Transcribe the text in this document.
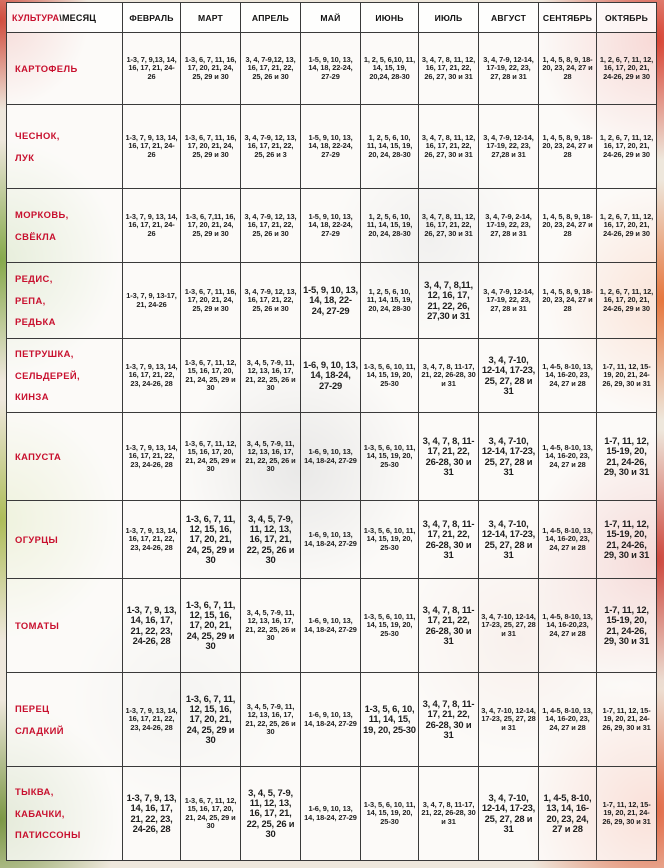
КУЛЬТУРА\МЕСЯЦ	ФЕВРАЛЬ	МАРТ	АПРЕЛЬ	МАЙ	ИЮНЬ	ИЮЛЬ	АВГУСТ	СЕНТЯБРЬ	ОКТЯБРЬ

КАРТОФЕЛЬ	1-3, 7, 9,13, 14, 16, 17, 21, 24-26	1-3, 6, 7, 11, 16, 17, 20, 21, 24, 25, 29 и 30	3, 4, 7-9,12, 13, 16, 17, 21, 22, 25, 26 и 30	1-5, 9, 10, 13, 14, 18, 22-24, 27-29	1, 2, 5, 6,10, 11, 14, 15, 19, 20,24, 28-30	3, 4, 7, 8, 11, 12, 16, 17, 21, 22, 26, 27, 30 и 31	3, 4, 7-9, 12-14, 17-19, 22, 23, 27, 28 и 31	1, 4, 5, 8, 9, 18-20, 23, 24, 27 и 28	1, 2, 6, 7, 11, 12, 16, 17, 20, 21, 24-26, 29 и 30

ЧЕСНОК,
ЛУК	1-3, 7, 9, 13, 14, 16, 17, 21, 24-26	1-3, 6, 7, 11, 16, 17, 20, 21, 24, 25, 29 и 30	3, 4, 7-9, 12, 13, 16, 17, 21, 22, 25, 26 и 3	1-5, 9, 10, 13, 14, 18, 22-24, 27-29	1, 2, 5, 6, 10, 11, 14, 15, 19, 20, 24, 28-30	3, 4, 7, 8, 11, 12, 16, 17, 21, 22, 26, 27, 30 и 31	3, 4, 7-9, 12-14, 17-19, 22, 23, 27,28 и 31	1, 4, 5, 8, 9, 18-20, 23, 24, 27 и 28	1, 2, 6, 7, 11, 12, 16, 17, 20, 21, 24-26, 29 и 30

МОРКОВЬ,
СВЁКЛА	1-3, 7, 9, 13, 14, 16, 17, 21, 24-26	1-3, 6, 7,11, 16, 17, 20, 21, 24, 25, 29 и 30	3, 4, 7-9, 12, 13, 16, 17, 21, 22, 25, 26 и 30	1-5, 9, 10, 13, 14, 18, 22-24, 27-29	1, 2, 5, 6, 10, 11, 14, 15, 19, 20, 24, 28-30	3, 4, 7, 8, 11, 12, 16, 17, 21, 22, 26, 27, 30 и 31	3, 4, 7-9, 2-14, 17-19, 22, 23, 27, 28 и 31	1, 4, 5, 8, 9, 18-20, 23, 24, 27 и 28	1, 2, 6, 7, 11, 12, 16, 17, 20, 21, 24-26, 29 и 30

РЕДИС,
РЕПА,
РЕДЬКА	1-3, 7, 9, 13-17, 21, 24-26	1-3, 6, 7, 11, 16, 17, 20, 21, 24, 25, 29 и 30	3, 4, 7-9, 12, 13, 16, 17, 21, 22, 25, 26 и 30	1-5, 9, 10, 13, 14, 18, 22-24, 27-29	1, 2, 5, 6, 10, 11, 14, 15, 19, 20, 24, 28-30	3, 4, 7, 8,11, 12, 16, 17, 21, 22, 26, 27,30 и 31	3, 4, 7-9, 12-14, 17-19, 22, 23, 27, 28 и 31	1, 4, 5, 8, 9, 18-20, 23, 24, 27 и 28	1, 2, 6, 7, 11, 12, 16, 17, 20, 21, 24-26, 29 и 30

ПЕТРУШКА,
СЕЛЬДЕРЕЙ,
КИНЗА	1-3, 7, 9, 13, 14, 16, 17, 21, 22, 23, 24-26, 28	1-3, 6, 7, 11, 12, 15, 16, 17, 20, 21, 24, 25, 29 и 30	3, 4, 5, 7-9, 11, 12, 13, 16, 17, 21, 22, 25, 26 и 30	1-6, 9, 10, 13, 14, 18-24, 27-29	1-3, 5, 6, 10, 11, 14, 15, 19, 20, 25-30	3, 4, 7, 8, 11-17, 21, 22, 26-28, 30 и 31	3, 4, 7-10, 12-14, 17-23, 25, 27, 28 и 31	1, 4-5, 8-10, 13, 14, 16-20, 23, 24, 27 и 28	1-7, 11, 12, 15-19, 20, 21, 24-26, 29, 30 и 31

КАПУСТА	1-3, 7, 9, 13, 14, 16, 17, 21, 22, 23, 24-26, 28	1-3, 6, 7, 11, 12, 15, 16, 17, 20, 21, 24, 25, 29 и 30	3, 4, 5, 7-9, 11, 12, 13, 16, 17, 21, 22, 25, 26 и 30	1-6, 9, 10, 13, 14, 18-24, 27-29	1-3, 5, 6, 10, 11, 14, 15, 19, 20, 25-30	3, 4, 7, 8, 11-17, 21, 22, 26-28, 30 и 31	3, 4, 7-10, 12-14, 17-23, 25, 27, 28 и 31	1, 4-5, 8-10, 13, 14, 16-20, 23, 24, 27 и 28	1-7, 11, 12, 15-19, 20, 21, 24-26, 29, 30 и 31

ОГУРЦЫ	1-3, 7, 9, 13, 14, 16, 17, 21, 22, 23, 24-26, 28	1-3, 6, 7, 11, 12, 15, 16, 17, 20, 21, 24, 25, 29 и 30	3, 4, 5, 7-9, 11, 12, 13, 16, 17, 21, 22, 25, 26 и 30	1-6, 9, 10, 13, 14, 18-24, 27-29	1-3, 5, 6, 10, 11, 14, 15, 19, 20, 25-30	3, 4, 7, 8, 11-17, 21, 22, 26-28, 30 и 31	3, 4, 7-10, 12-14, 17-23, 25, 27, 28 и 31	1, 4-5, 8-10, 13, 14, 16-20, 23, 24, 27 и 28	1-7, 11, 12, 15-19, 20, 21, 24-26, 29, 30 и 31

ТОМАТЫ	1-3, 7, 9, 13, 14, 16, 17, 21, 22, 23, 24-26, 28	1-3, 6, 7, 11, 12, 15, 16, 17, 20, 21, 24, 25, 29 и 30	3, 4, 5, 7-9, 11, 12, 13, 16, 17, 21, 22, 25, 26 и 30	1-6, 9, 10, 13, 14, 18-24, 27-29	1-3, 5, 6, 10, 11, 14, 15, 19, 20, 25-30	3, 4, 7, 8, 11-17, 21, 22, 26-28, 30 и 31	3, 4, 7-10, 12-14, 17-23, 25, 27, 28 и 31	1, 4-5, 8-10, 13, 14, 16-20,23, 24, 27 и 28	1-7, 11, 12, 15-19, 20, 21, 24-26, 29, 30 и 31

ПЕРЕЦ
СЛАДКИЙ	1-3, 7, 9, 13, 14, 16, 17, 21, 22, 23, 24-26, 28	1-3, 6, 7, 11, 12, 15, 16, 17, 20, 21, 24, 25, 29 и 30	3, 4, 5, 7-9, 11, 12, 13, 16, 17, 21, 22, 25, 26 и 30	1-6, 9, 10, 13, 14, 18-24, 27-29	1-3, 5, 6, 10, 11, 14, 15, 19, 20, 25-30	3, 4, 7, 8, 11-17, 21, 22, 26-28, 30 и 31	3, 4, 7-10, 12-14, 17-23, 25, 27, 28 и 31	1, 4-5, 8-10, 13, 14, 16-20, 23, 24, 27 и 28	1-7, 11, 12, 15-19, 20, 21, 24-26, 29, 30 и 31

ТЫКВА,
КАБАЧКИ,
ПАТИССОНЫ	1-3, 7, 9, 13, 14, 16, 17, 21, 22, 23, 24-26, 28	1-3, 6, 7, 11, 12, 15, 16, 17, 20, 21, 24, 25, 29 и 30	3, 4, 5, 7-9, 11, 12, 13, 16, 17, 21, 22, 25, 26 и 30	1-6, 9, 10, 13, 14, 18-24, 27-29	1-3, 5, 6, 10, 11, 14, 15, 19, 20, 25-30	3, 4, 7, 8, 11-17, 21, 22, 26-28, 30 и 31	3, 4, 7-10, 12-14, 17-23, 25, 27, 28 и 31	1, 4-5, 8-10, 13, 14, 16-20, 23, 24, 27 и 28	1-7, 11, 12, 15-19, 20, 21, 24-26, 29, 30 и 31
